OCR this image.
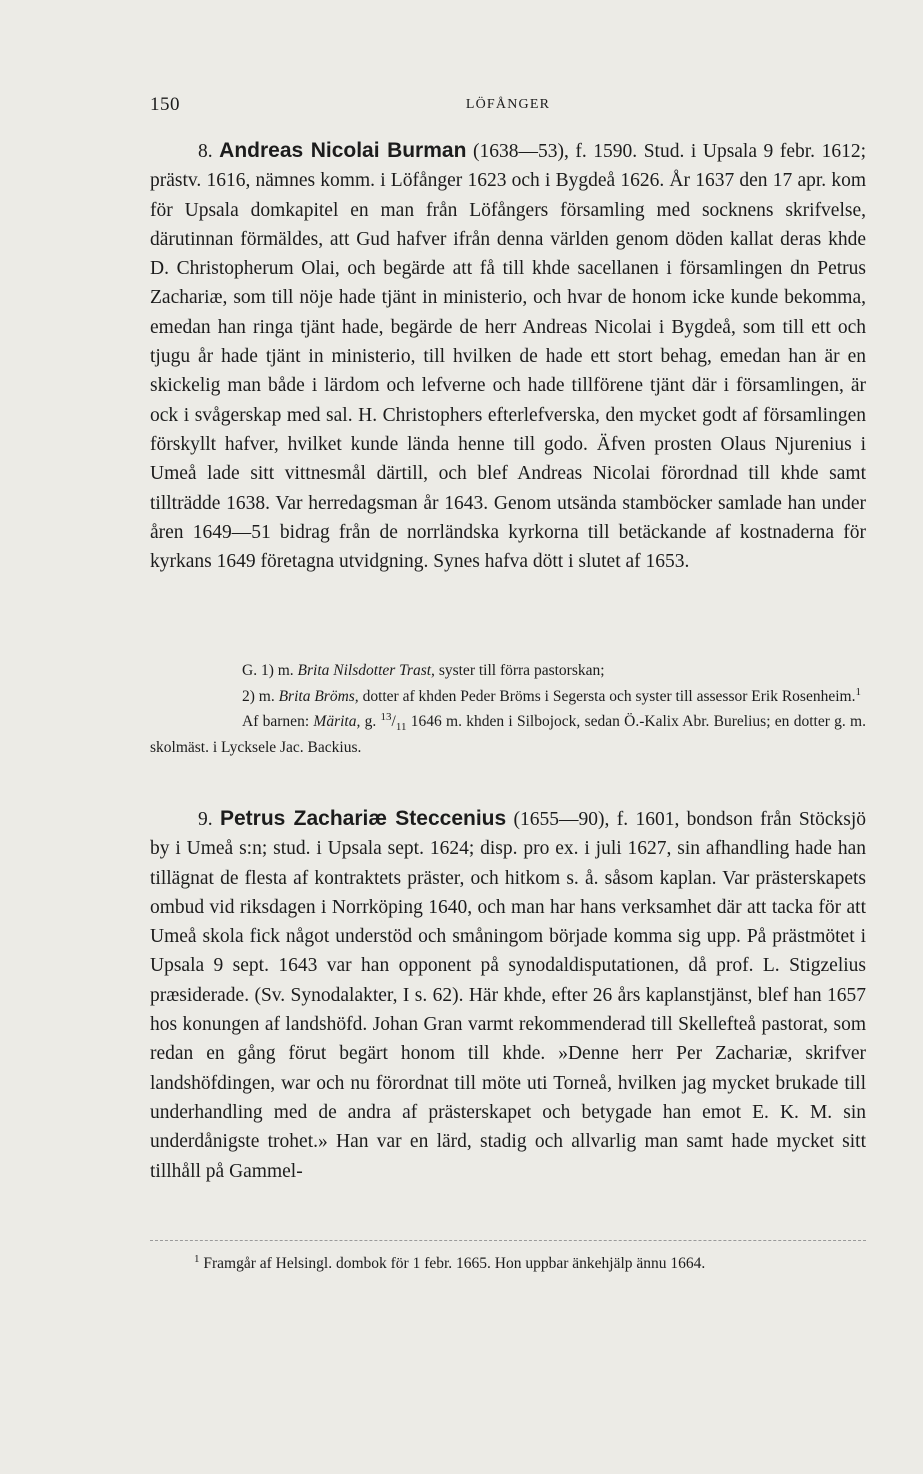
150	LÖFÅNGER

8. Andreas Nicolai Burman (1638—53), f. 1590. Stud. i Upsala 9 febr. 1612; prästv. 1616, nämnes komm. i Löfånger 1623 och i Bygdeå 1626. År 1637 den 17 apr. kom för Upsala domkapitel en man från Löfångers församling med socknens skrifvelse, därutinnan förmäldes, att Gud hafver ifrån denna världen genom döden kallat deras khde D. Christopherum Olai, och begärde att få till khde sacellanen i församlingen dn Petrus Zachariæ, som till nöje hade tjänt in ministerio, och hvar de honom icke kunde bekomma, emedan han ringa tjänt hade, begärde de herr Andreas Nicolai i Bygdeå, som till ett och tjugu år hade tjänt in ministerio, till hvilken de hade ett stort behag, emedan han är en skickelig man både i lärdom och lefverne och hade tillförene tjänt där i församlingen, är ock i svågerskap med sal. H. Christophers efterlefverska, den mycket godt af församlingen förskyllt hafver, hvilket kunde lända henne till godo. Äfven prosten Olaus Njurenius i Umeå lade sitt vittnesmål därtill, och blef Andreas Nicolai förordnad till khde samt tillträdde 1638. Var herredagsman år 1643. Genom utsända stamböcker samlade han under åren 1649—51 bidrag från de norrländska kyrkorna till betäckande af kostnaderna för kyrkans 1649 företagna utvidgning. Synes hafva dött i slutet af 1653.

G. 1) m. Brita Nilsdotter Trast, syster till förra pastorskan;

2) m. Brita Bröms, dotter af khden Peder Bröms i Segersta och syster till assessor Erik Rosenheim.$^1$

Af barnen: Märita, g. $^{13}/_{11}$ 1646 m. khden i Silbojock, sedan Ö.-Kalix Abr. Burelius; en dotter g. m. skolmäst. i Lycksele Jac. Backius.

9. Petrus Zachariæ Steccenius (1655—90), f. 1601, bondson från Stöcksjö by i Umeå s:n; stud. i Upsala sept. 1624; disp. pro ex. i juli 1627, sin afhandling hade han tillägnat de flesta af kontraktets präster, och hitkom s. å. såsom kaplan. Var prästerskapets ombud vid riksdagen i Norrköping 1640, och man har hans verksamhet där att tacka för att Umeå skola fick något understöd och småningom började komma sig upp. På prästmötet i Upsala 9 sept. 1643 var han opponent på synodaldisputationen, då prof. L. Stigzelius præsiderade. (Sv. Synodalakter, I s. 62). Här khde, efter 26 års kaplanstjänst, blef han 1657 hos konungen af landshöfd. Johan Gran varmt rekommenderad till Skellefteå pastorat, som redan en gång förut begärt honom till khde. »Denne herr Per Zachariæ, skrifver landshöfdingen, war och nu förordnat till möte uti Torneå, hvilken jag mycket brukade till underhandling med de andra af prästerskapet och betygade han emot E. K. M. sin underdånigste trohet.» Han var en lärd, stadig och allvarlig man samt hade mycket sitt tillhåll på Gammel-

$^1$ Framgår af Helsingl. dombok för 1 febr. 1665. Hon uppbar änkehjälp ännu 1664.
